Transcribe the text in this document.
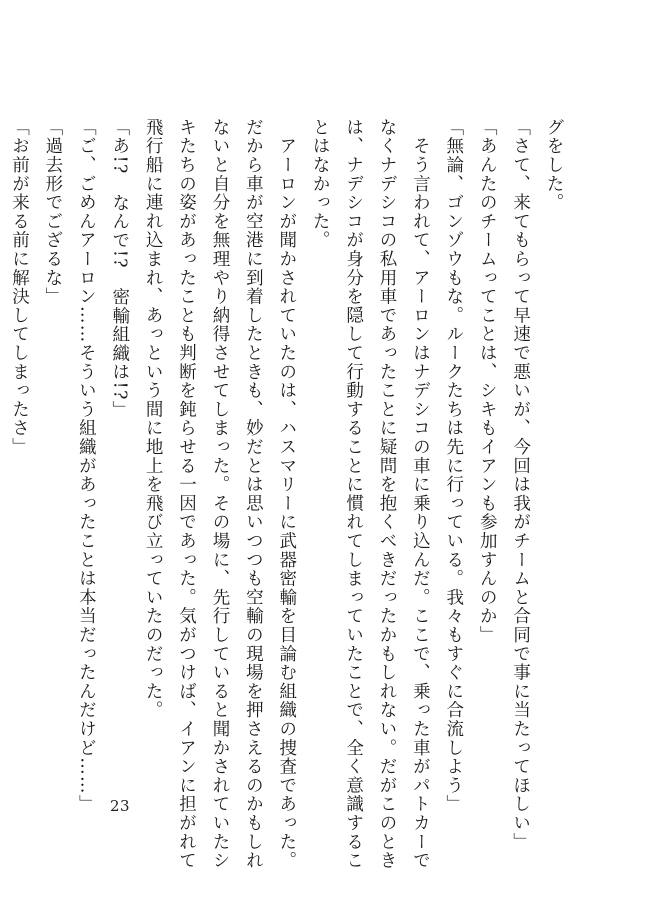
グをした。
「さて、来てもらって早速で悪いが、今回は我がチームと合同で事に当たってほしい」
「あんたのチームってことは、シキもイアンも参加すんのか」
「無論、ゴンゾウもな。ルークたちは先に行っている。我々もすぐに合流しよう」
　そう言われて、アーロンはナデシコの車に乗り込んだ。ここで、乗った車がパトカーで
なくナデシコの私用車であったことに疑問を抱くべきだったかもしれない。だがこのとき
は、ナデシコが身分を隠して行動することに慣れてしまっていたことで、全く意識するこ
とはなかった。
　アーロンが聞かされていたのは、ハスマリーに武器密輸を目論む組織の捜査であった。
だから車が空港に到着したときも、妙だとは思いつつも空輸の現場を押さえるのかもしれ
ないと自分を無理やり納得させてしまった。その場に、先行していると聞かされていたシ
キたちの姿があったことも判断を鈍らせる一因であった。気がつけば、イアンに担がれて
飛行船に連れ込まれ、あっという間に地上を飛び立っていたのだった。
「あ!?　なんで!?　密輸組織は!?」
「ご、ごめんアーロン……そういう組織があったことは本当だったんだけど……」
「過去形でござるな」
「お前が来る前に解決してしまったさ」
23
